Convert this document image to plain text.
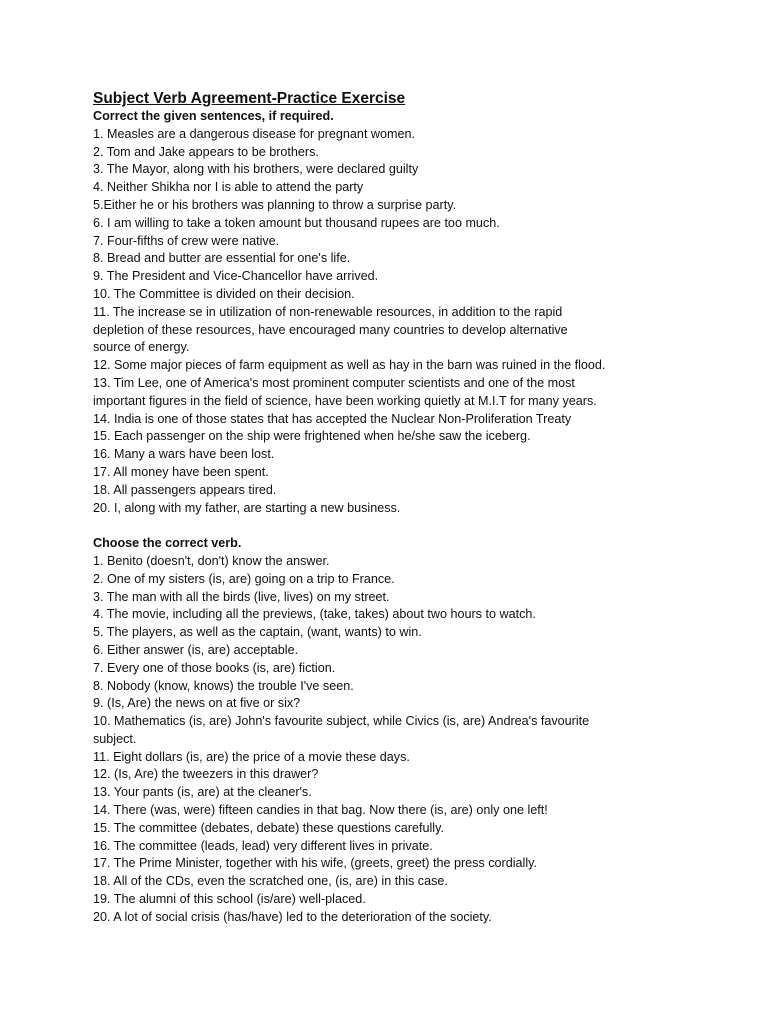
Subject Verb Agreement-Practice Exercise

Correct the given sentences, if required.

1. Measles are a dangerous disease for pregnant women.

2. Tom and Jake appears to be brothers.

3. The Mayor, along with his brothers, were declared guilty

4. Neither Shikha nor I is able to attend the party

5.Either he or his brothers was planning to throw a surprise party.

6. I am willing to take a token amount but thousand rupees are too much.

7. Four-fifths of crew were native.

8. Bread and butter are essential for one's life.

9. The President and Vice-Chancellor have arrived.

10. The Committee is divided on their decision.

11. The increase se in utilization of non-renewable resources, in addition to the rapid

depletion of these resources, have encouraged many countries to develop alternative

source of energy.

12. Some major pieces of farm equipment as well as hay in the barn was ruined in the flood.

13. Tim Lee, one of America's most prominent computer scientists and one of the most

important figures in the field of science, have been working quietly at M.I.T for many years.

14. India is one of those states that has accepted the Nuclear Non-Proliferation Treaty

15. Each passenger on the ship were frightened when he/she saw the iceberg.

16. Many a wars have been lost.

17. All money have been spent.

18. All passengers appears tired.

20. I, along with my father, are starting a new business.

Choose the correct verb.

1. Benito (doesn't, don't) know the answer.

2. One of my sisters (is, are) going on a trip to France.

3. The man with all the birds (live, lives) on my street.

4. The movie, including all the previews, (take, takes) about two hours to watch.

5. The players, as well as the captain, (want, wants) to win.

6. Either answer (is, are) acceptable.

7. Every one of those books (is, are) fiction.

8. Nobody (know, knows) the trouble I've seen.

9. (Is, Are) the news on at five or six?

10. Mathematics (is, are) John's favourite subject, while Civics (is, are) Andrea's favourite

subject.

11. Eight dollars (is, are) the price of a movie these days.

12. (Is, Are) the tweezers in this drawer?

13. Your pants (is, are) at the cleaner's.

14. There (was, were) fifteen candies in that bag. Now there (is, are) only one left!

15. The committee (debates, debate) these questions carefully.

16. The committee (leads, lead) very different lives in private.

17. The Prime Minister, together with his wife, (greets, greet) the press cordially.

18. All of the CDs, even the scratched one, (is, are) in this case.

19. The alumni of this school (is/are) well-placed.

20. A lot of social crisis (has/have) led to the deterioration of the society.
